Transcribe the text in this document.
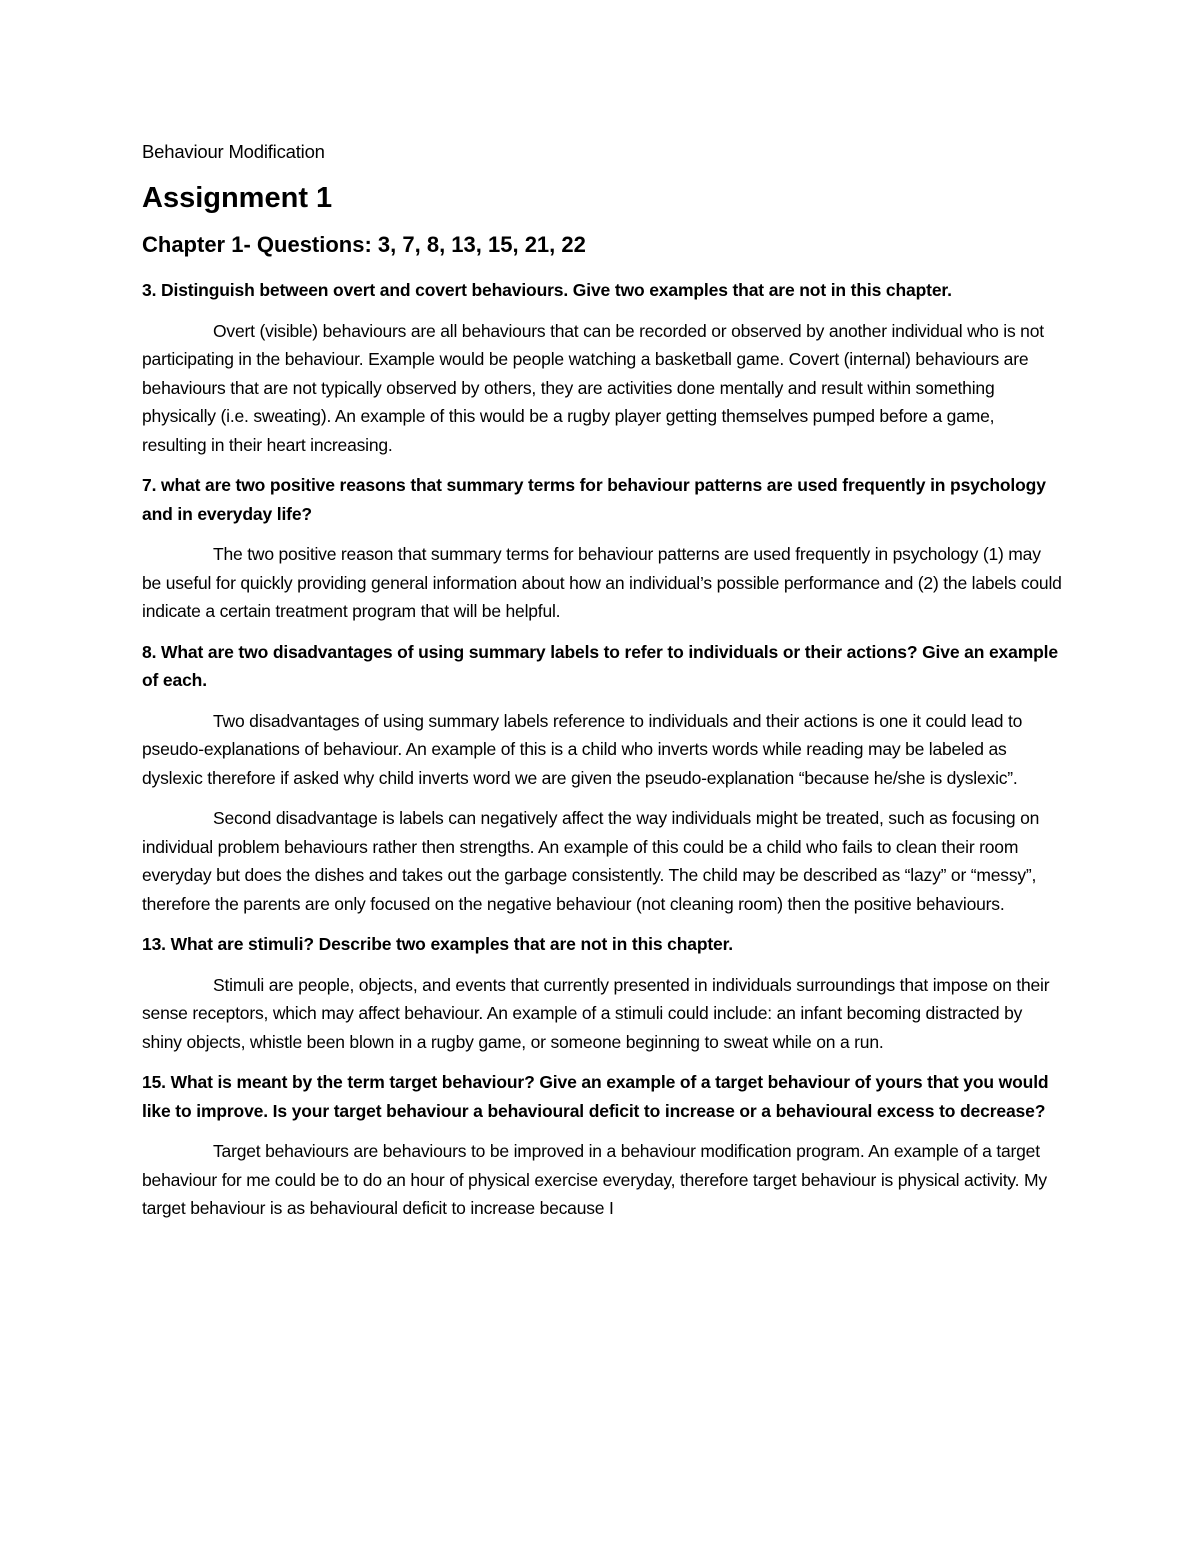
Behaviour Modification
Assignment 1
Chapter 1- Questions: 3, 7, 8, 13, 15, 21, 22
3. Distinguish between overt and covert behaviours. Give two examples that are not in this chapter.
Overt (visible) behaviours are all behaviours that can be recorded or observed by another individual who is not participating in the behaviour. Example would be people watching a basketball game. Covert (internal) behaviours are behaviours that are not typically observed by others, they are activities done mentally and result within something physically (i.e. sweating). An example of this would be a rugby player getting themselves pumped before a game, resulting in their heart increasing.
7. what are two positive reasons that summary terms for behaviour patterns are used frequently in psychology and in everyday life?
The two positive reason that summary terms for behaviour patterns are used frequently in psychology (1) may be useful for quickly providing general information about how an individual’s possible performance and (2) the labels could indicate a certain treatment program that will be helpful.
8. What are two disadvantages of using summary labels to refer to individuals or their actions? Give an example of each.
Two disadvantages of using summary labels reference to individuals and their actions is one it could lead to pseudo-explanations of behaviour. An example of this is a child who inverts words while reading may be labeled as dyslexic therefore if asked why child inverts word we are given the pseudo-explanation “because he/she is dyslexic”.
Second disadvantage is labels can negatively affect the way individuals might be treated, such as focusing on individual problem behaviours rather then strengths. An example of this could be a child who fails to clean their room everyday but does the dishes and takes out the garbage consistently. The child may be described as “lazy” or “messy”, therefore the parents are only focused on the negative behaviour (not cleaning room) then the positive behaviours.
13. What are stimuli? Describe two examples that are not in this chapter.
Stimuli are people, objects, and events that currently presented in individuals surroundings that impose on their sense receptors, which may affect behaviour. An example of a stimuli could include: an infant becoming distracted by shiny objects, whistle been blown in a rugby game, or someone beginning to sweat while on a run.
15. What is meant by the term target behaviour? Give an example of a target behaviour of yours that you would like to improve. Is your target behaviour a behavioural deficit to increase or a behavioural excess to decrease?
Target behaviours are behaviours to be improved in a behaviour modification program. An example of a target behaviour for me could be to do an hour of physical exercise everyday, therefore target behaviour is physical activity. My target behaviour is as behavioural deficit to increase because I
